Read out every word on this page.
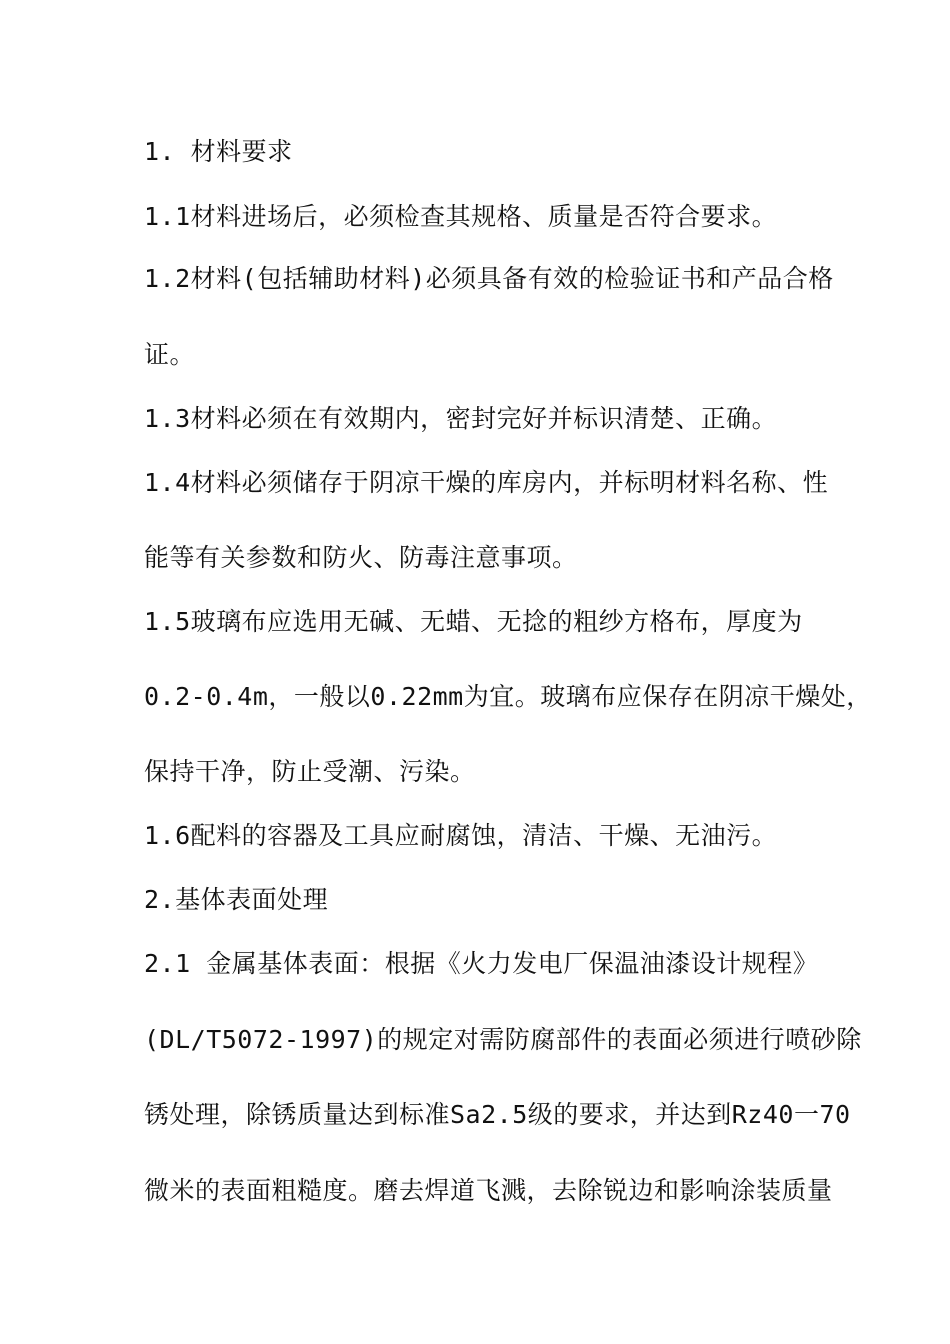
1. 材料要求
1.1材料进场后，必须检查其规格、质量是否符合要求。
1.2材料(包括辅助材料)必须具备有效的检验证书和产品合格
证。
1.3材料必须在有效期内，密封完好并标识清楚、正确。
1.4材料必须储存于阴凉干燥的库房内，并标明材料名称、性
能等有关参数和防火、防毒注意事项。
1.5玻璃布应选用无碱、无蜡、无捻的粗纱方格布，厚度为
0.2-0.4m，一般以0.22mm为宜。玻璃布应保存在阴凉干燥处，
保持干净，防止受潮、污染。
1.6配料的容器及工具应耐腐蚀，清洁、干燥、无油污。
2.基体表面处理
2.1 金属基体表面：根据《火力发电厂保温油漆设计规程》
(DL/T5072-1997)的规定对需防腐部件的表面必须进行喷砂除
锈处理，除锈质量达到标准Sa2.5级的要求，并达到Rz40一70
微米的表面粗糙度。磨去焊道飞溅，去除锐边和影响涂装质量
